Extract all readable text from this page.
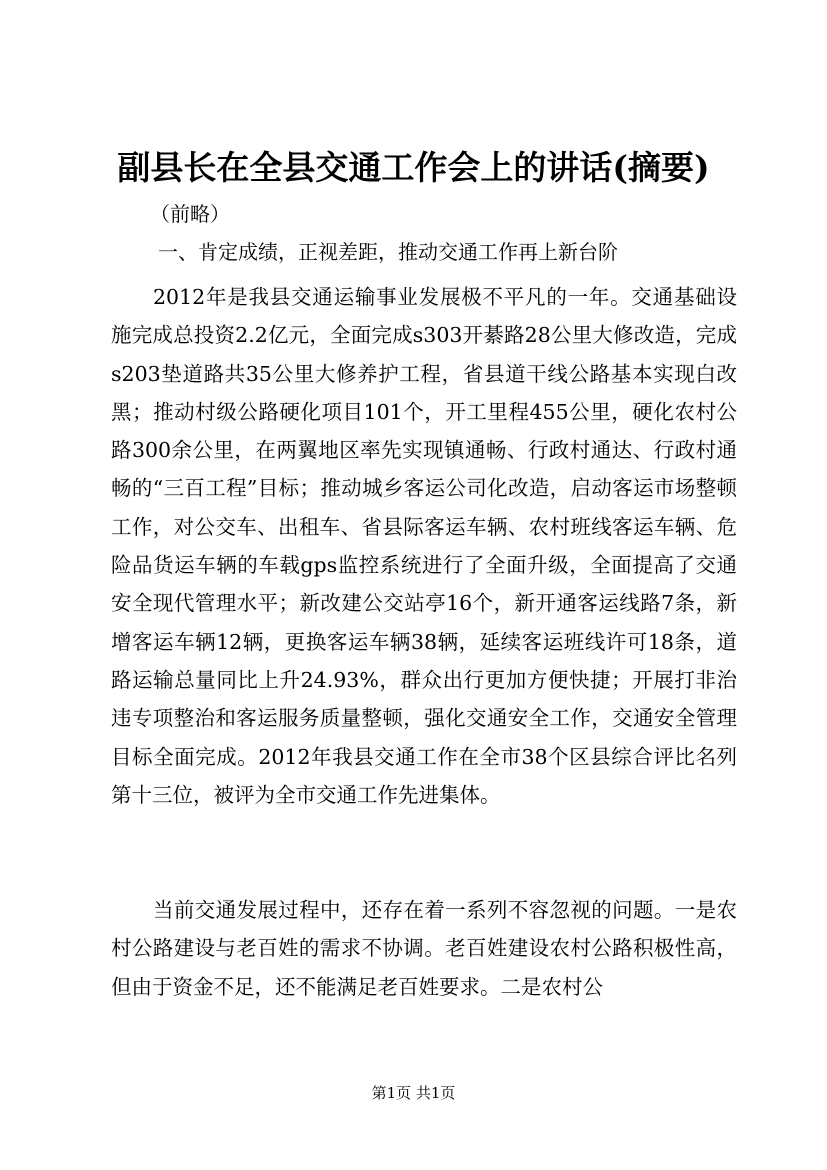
副县长在全县交通工作会上的讲话(摘要)
（前略）
一、肯定成绩，正视差距，推动交通工作再上新台阶
2012年是我县交通运输事业发展极不平凡的一年。交通基础设施完成总投资2.2亿元，全面完成s303开綦路28公里大修改造，完成s203垫道路共35公里大修养护工程，省县道干线公路基本实现白改黑；推动村级公路硬化项目101个，开工里程455公里，硬化农村公路300余公里，在两翼地区率先实现镇通畅、行政村通达、行政村通畅的“三百工程”目标；推动城乡客运公司化改造，启动客运市场整顿工作，对公交车、出租车、省县际客运车辆、农村班线客运车辆、危险品货运车辆的车载gps监控系统进行了全面升级，全面提高了交通安全现代管理水平；新改建公交站亭16个，新开通客运线路7条，新增客运车辆12辆，更换客运车辆38辆，延续客运班线许可18条，道路运输总量同比上升24.93%，群众出行更加方便快捷；开展打非治违专项整治和客运服务质量整顿，强化交通安全工作，交通安全管理目标全面完成。2012年我县交通工作在全市38个区县综合评比名列第十三位，被评为全市交通工作先进集体。
当前交通发展过程中，还存在着一系列不容忽视的问题。一是农村公路建设与老百姓的需求不协调。老百姓建设农村公路积极性高，但由于资金不足，还不能满足老百姓要求。二是农村公
第1页 共1页
